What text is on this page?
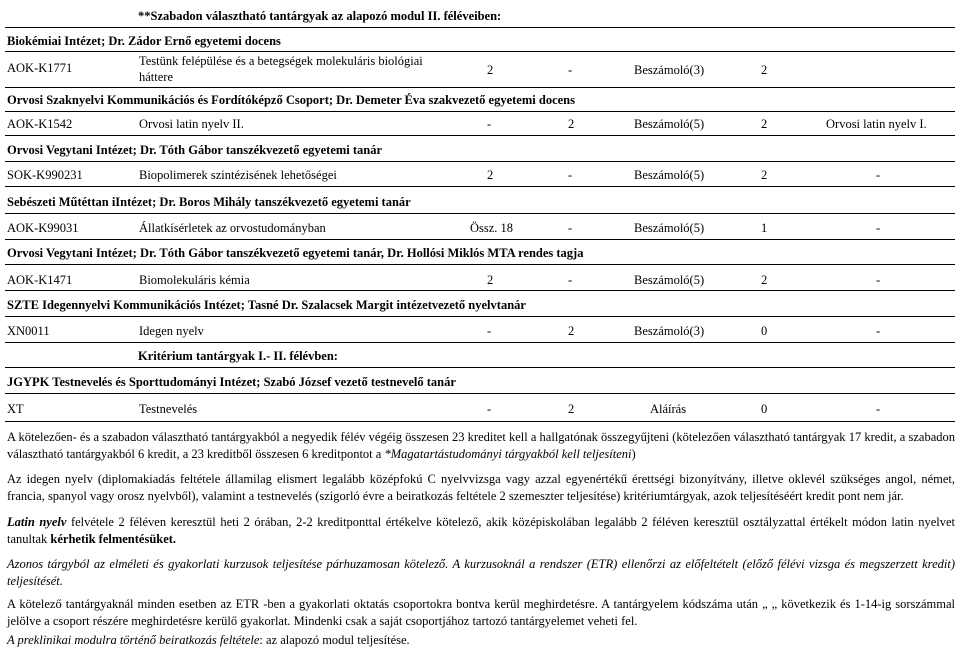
**Szabadon választható tantárgyak az alapozó modul II. féléveiben:
Biokémiai Intézet; Dr. Zádor Ernő egyetemi docens
AOK-K1771	Testünk felépülése és a betegségek molekuláris biológiai
háttere	2	-	Beszámoló(3)	2
Orvosi Szaknyelvi Kommunikációs és Fordítóképző Csoport; Dr. Demeter Éva szakvezető egyetemi docens
AOK-K1542	Orvosi latin nyelv II.	-	2	Beszámoló(5)	2	Orvosi latin nyelv I.
Orvosi Vegytani Intézet; Dr. Tóth Gábor tanszékvezető egyetemi tanár
SOK-K990231	Biopolimerek szintézisének lehetőségei	2	-	Beszámoló(5)	2	-
Sebészeti Műtéttan iIntézet; Dr. Boros Mihály tanszékvezető egyetemi tanár
AOK-K99031	Állatkísérletek az orvostudományban	Össz. 18	-	Beszámoló(5)	1	-
Orvosi Vegytani Intézet; Dr. Tóth Gábor tanszékvezető egyetemi tanár, Dr. Hollósi Miklós MTA rendes tagja
AOK-K1471	Biomolekuláris kémia	2	-	Beszámoló(5)	2	-
SZTE Idegennyelvi Kommunikációs Intézet; Tasné Dr. Szalacsek Margit intézetvezető nyelvtanár
XN0011	Idegen nyelv	-	2	Beszámoló(3)	0	-
Kritérium tantárgyak I.- II. félévben:
JGYPK Testnevelés és Sporttudományi Intézet; Szabó József vezető testnevelő tanár
XT	Testnevelés	-	2	Aláírás	0	-
A kötelezően- és a szabadon választható tantárgyakból a negyedik félév végéig összesen 23 kreditet kell a hallgatónak összegyűjteni (kötelezően választható tantárgyak 17 kredit, a szabadon választható tantárgyakból 6 kredit, a 23 kreditből összesen 6 kreditpontot a *Magatartástudományi tárgyakból kell teljesíteni)
Az idegen nyelv (diplomakiadás feltétele államilag elismert legalább középfokú C nyelvvizsga vagy azzal egyenértékű érettségi bizonyítvány, illetve oklevél szükséges angol, német, francia, spanyol vagy orosz nyelvből), valamint a testnevelés (szigorló évre a beiratkozás feltétele 2 szemeszter teljesítése) kritériumtárgyak, azok teljesítéséért kredit pont nem jár.
Latin nyelv felvétele 2 féléven keresztül heti 2 órában, 2-2 kreditponttal értékelve kötelező, akik középiskolában legalább 2 féléven keresztül osztályzattal értékelt módon latin nyelvet tanultak kérhetik felmentésüket.
Azonos tárgyból az elméleti és gyakorlati kurzusok teljesítése párhuzamosan kötelező. A kurzusoknál a rendszer (ETR) ellenőrzi az előfeltételt (előző félévi vizsga és megszerzett kredit) teljesítését.
A kötelező tantárgyaknál minden esetben az ETR -ben a gyakorlati oktatás csoportokra bontva kerül meghirdetésre. A tantárgyelem kódszáma után „ „ következik és 1-14-ig sorszámmal jelölve a csoport részére meghirdetésre kerülő gyakorlat. Mindenki csak a saját csoportjához tartozó tantárgyelemet veheti fel.
A preklinikai modulra történő beiratkozás feltétele: az alapozó modul teljesítése.
